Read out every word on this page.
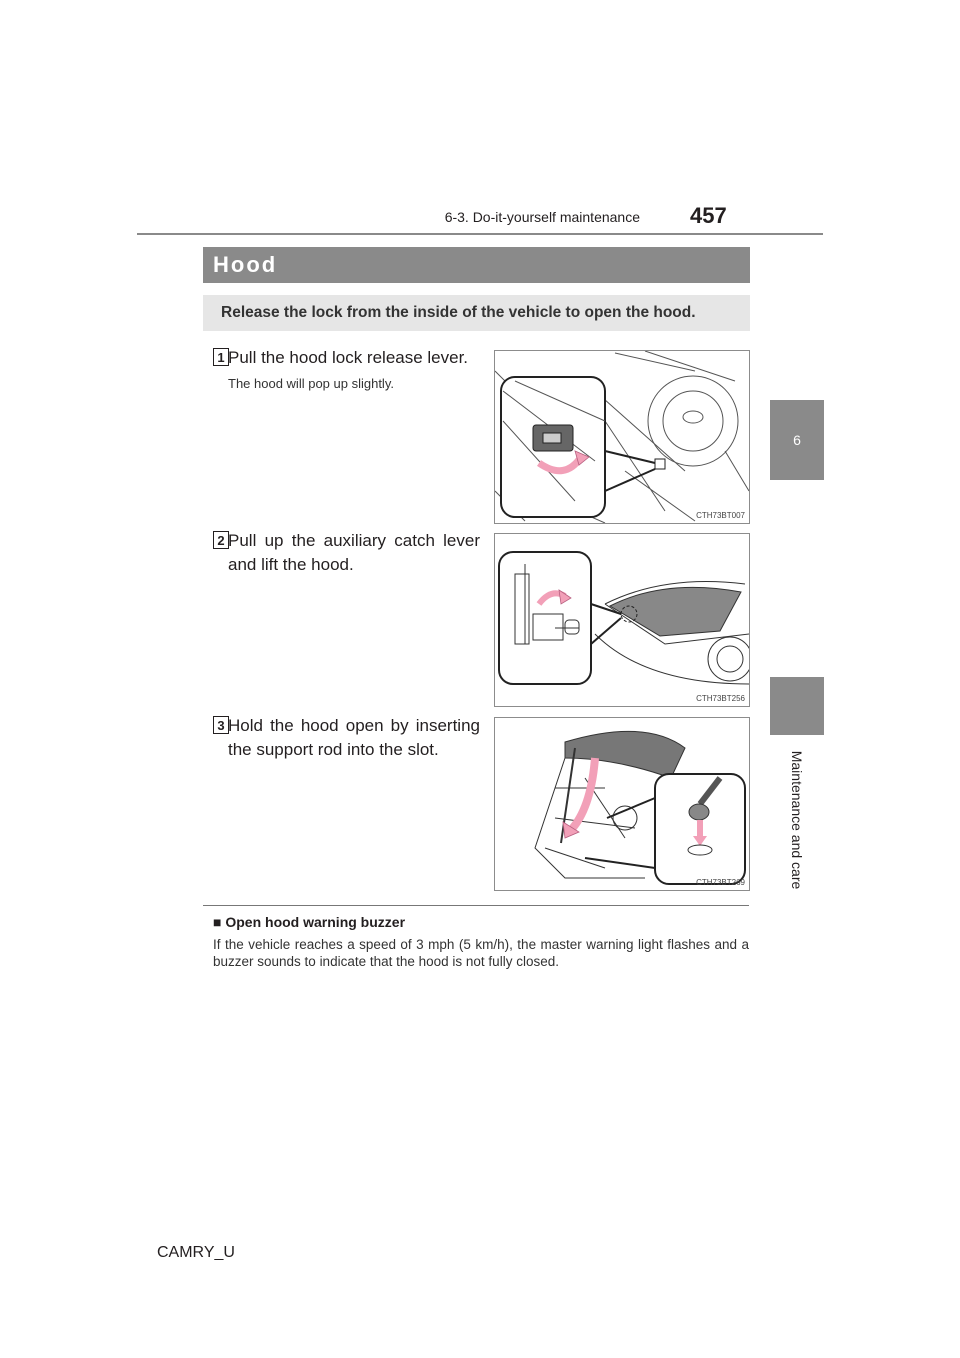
6-3. Do-it-yourself maintenance 457
6
Maintenance and care
Hood
Release the lock from the inside of the vehicle to open the hood.
1 Pull the hood lock release lever.
The hood will pop up slightly.
CTH73BT007
2 Pull up the auxiliary catch lever and lift the hood.
CTH73BT256
3 Hold the hood open by inserting the support rod into the slot.
CTH73BT269
■ Open hood warning buzzer
If the vehicle reaches a speed of 3 mph (5 km/h), the master warning light flashes and a buzzer sounds to indicate that the hood is not fully closed.
CAMRY_U
